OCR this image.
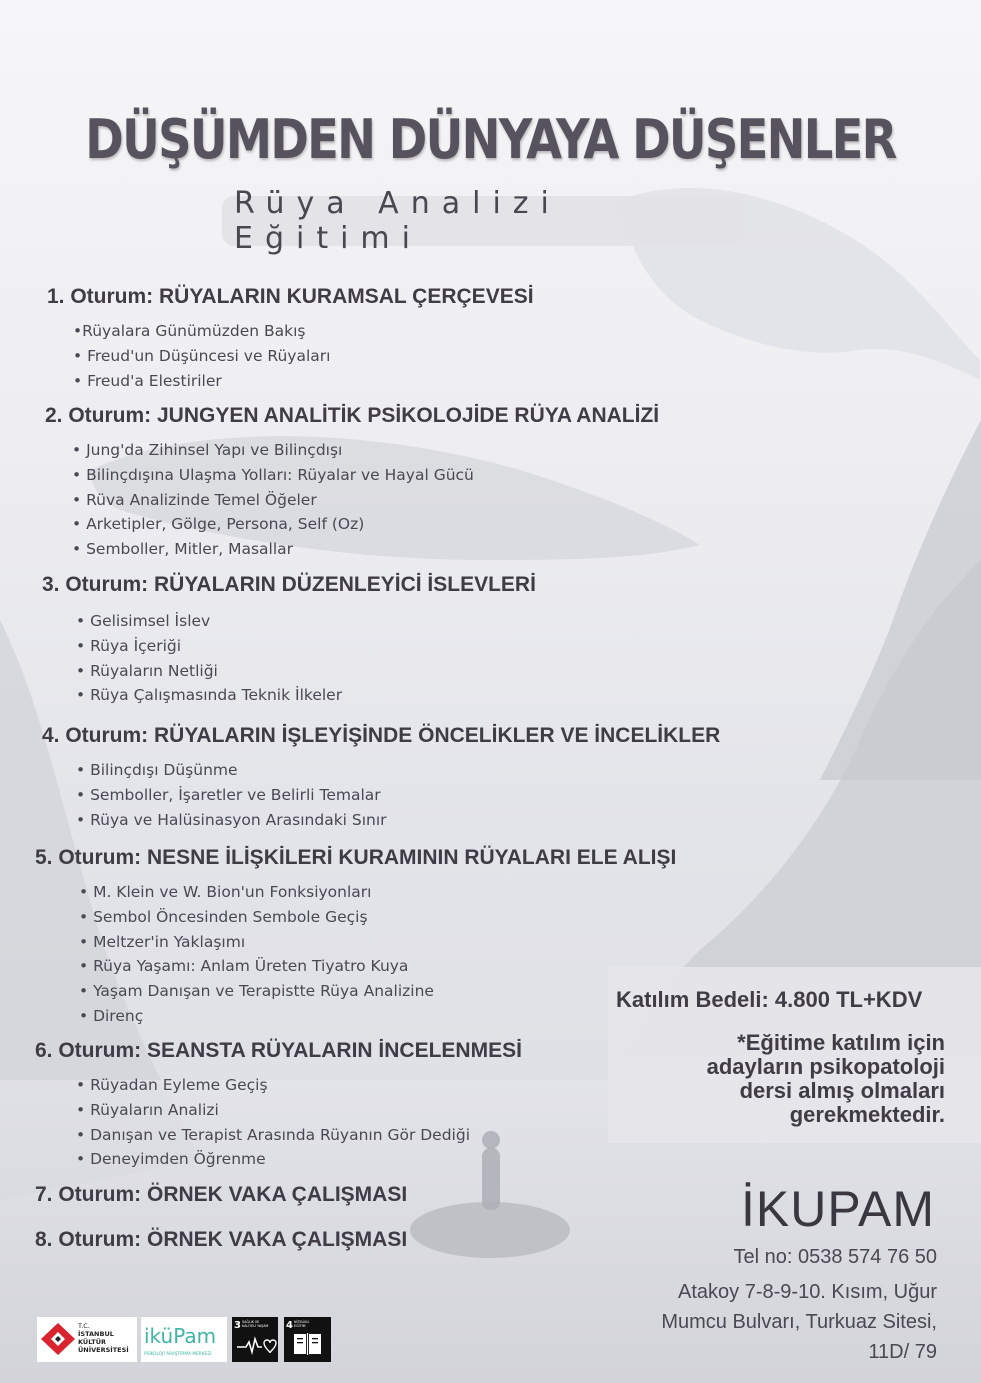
DÜŞÜMDEN DÜNYAYA DÜŞENLER
Rüya Analizi Eğitimi
1. Oturum: RÜYALARIN KURAMSAL ÇERÇEVESİ
•Rüyalara Günümüzden Bakış
• Freud'un Düşüncesi ve Rüyaları
• Freud'a Elestiriler
2. Oturum: JUNGYEN ANALİTİK PSİKOLOJİDE RÜYA ANALİZİ
• Jung'da Zihinsel Yapı ve Bilinçdışı
• Bilinçdışına Ulaşma Yolları: Rüyalar ve Hayal Gücü
• Rüva Analizinde Temel Öğeler
• Arketipler, Gölge, Persona, Self (Oz)
• Semboller, Mitler, Masallar
3. Oturum: RÜYALARIN DÜZENLEYİCİ İSLEVLERİ
• Gelisimsel İslev
• Rüya İçeriği
• Rüyaların Netliği
• Rüya Çalışmasında Teknik İlkeler
4. Oturum: RÜYALARIN İŞLEYİŞİNDE ÖNCELİKLER VE İNCELİKLER
• Bilinçdışı Düşünme
• Semboller, İşaretler ve Belirli Temalar
• Rüya ve Halüsinasyon Arasındaki Sınır
5. Oturum: NESNE İLİŞKİLERİ KURAMININ RÜYALARI ELE ALIŞI
• M. Klein ve W. Bion'un Fonksiyonları
• Sembol Öncesinden Sembole Geçiş
• Meltzer'in Yaklaşımı
• Rüya Yaşamı: Anlam Üreten Tiyatro Kuya
• Yaşam Danışan ve Terapistte Rüya Analizine
• Direnç
6. Oturum: SEANSTA RÜYALARIN İNCELENMESİ
• Rüyadan Eyleme Geçiş
• Rüyaların Analizi
• Danışan ve Terapist Arasında Rüyanın Gör Dediği
• Deneyimden Öğrenme
7. Oturum: ÖRNEK VAKA ÇALIŞMASI
8. Oturum: ÖRNEK VAKA ÇALIŞMASI
Katılım Bedeli: 4.800 TL+KDV
*Eğitime katılım için
adayların psikopatoloji
dersi almış olmaları
gerekmektedir.
İKUPAM
Tel no: 0538 574 76 50
Atakoy 7-8-9-10. Kısım, Uğur
Mumcu Bulvarı, Turkuaz Sitesi,
11D/ 79
T.C.
İSTANBUL
KÜLTÜR
ÜNİVERSİTESİ
iküPam
PSİKOLOJİ ARAŞTIRMA MERKEZİ
3 SAĞLIK VE
KALİTELİ YAŞAM 4 NİTELİKLİ
EĞİTİM
